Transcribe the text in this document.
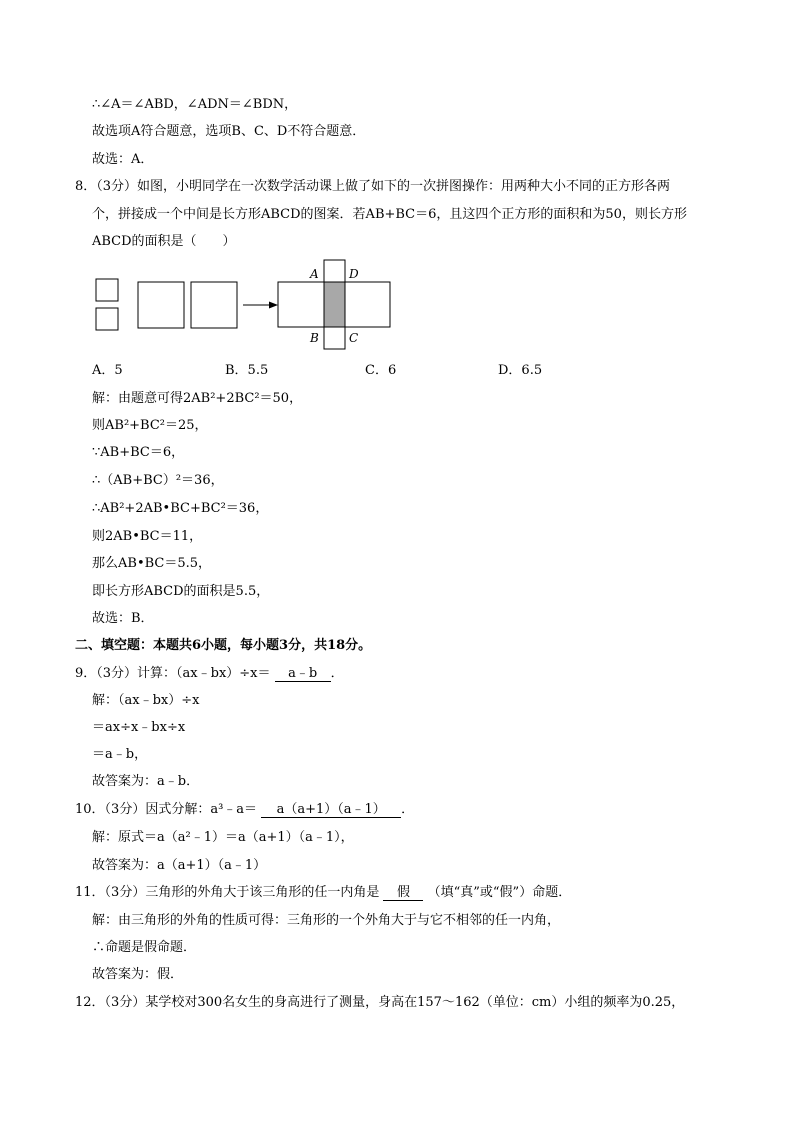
∴∠A＝∠ABD，∠ADN＝∠BDN，
故选项A符合题意，选项B、C、D不符合题意．
故选：A．
8．（3分）如图，小明同学在一次数学活动课上做了如下的一次拼图操作：用两种大小不同的正方形各两
个，拼接成一个中间是长方形ABCD的图案．若AB+BC＝6，且这四个正方形的面积和为50，则长方形
ABCD的面积是（　　）
A	D
B	C
A．5	B．5.5	C．6	D．6.5
解：由题意可得2AB²+2BC²＝50，
则AB²+BC²＝25，
∵AB+BC＝6，
∴（AB+BC）²＝36，
∴AB²+2AB•BC+BC²＝36，
则2AB•BC＝11，
那么AB•BC＝5.5，
即长方形ABCD的面积是5.5，
故选：B．
二、填空题：本题共6小题，每小题3分，共18分。
9．（3分）计算：（ax﹣bx）÷x＝ a﹣b ．
解：（ax﹣bx）÷x
＝ax÷x﹣bx÷x
＝a﹣b，
故答案为：a﹣b．
10．（3分）因式分解：a³﹣a＝ a（a+1）（a﹣1） ．
解：原式＝a（a²﹣1）＝a（a+1）（a﹣1），
故答案为：a（a+1）（a﹣1）
11．（3分）三角形的外角大于该三角形的任一内角是 假 （填“真”或“假”）命题．
解：由三角形的外角的性质可得：三角形的一个外角大于与它不相邻的任一内角，
∴命题是假命题．
故答案为：假．
12．（3分）某学校对300名女生的身高进行了测量，身高在157～162（单位：cm）小组的频率为0.25，
